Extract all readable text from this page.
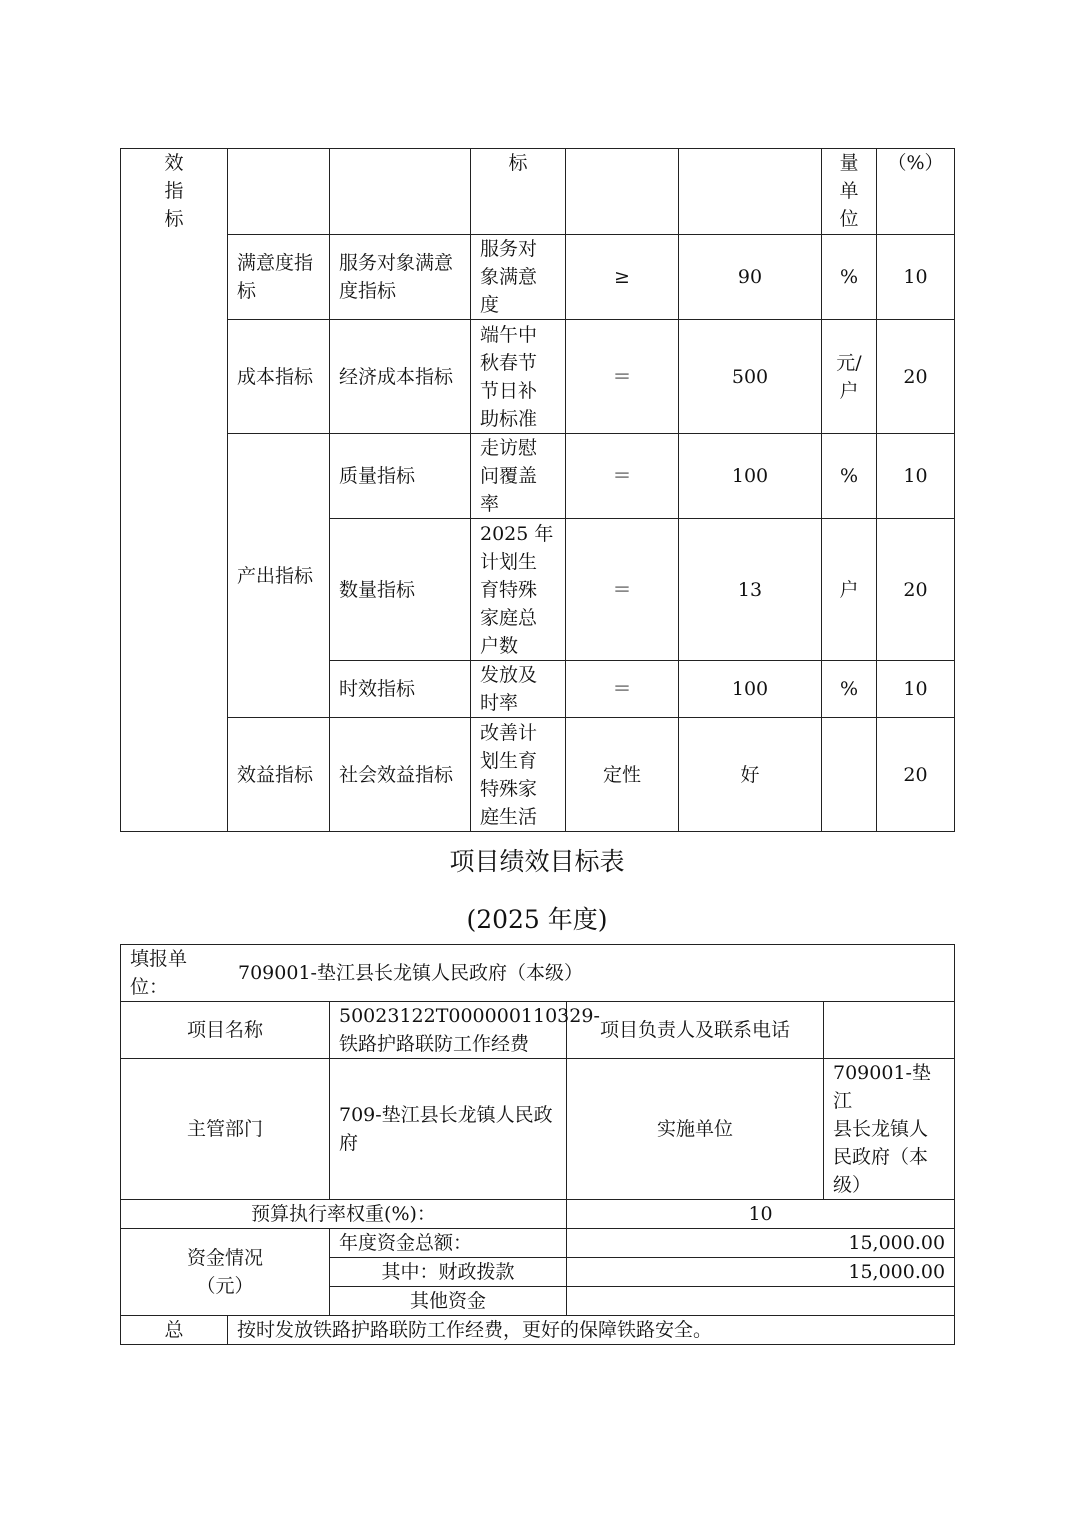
效
指
标			标			量
单
位	（%）
	满意度指标	服务对象满意度指标	服务对
象满意
度	≥	90	%	10
	成本指标	经济成本指标	端午中
秋春节
节日补
助标准	＝	500	元/
户	20
	产出指标	质量指标	走访慰
问覆盖
率	＝	100	%	10
		数量指标	2025 年
计划生
育特殊
家庭总
户数	＝	13	户	20
		时效指标	发放及
时率	＝	100	%	10
	效益指标	社会效益指标	改善计
划生育
特殊家
庭生活	定性	好		20
项目绩效目标表
(2025 年度)
填报单
位：
709001-垫江县长龙镇人民政府（本级）				

项目名称		50023122T000000110329-
铁路护路联防工作经费	项目负责人及联系电话	
主管部门		709-垫江县长龙镇人民政
府	实施单位	709001-垫江
县长龙镇人
民政府（本
级）
预算执行率权重(%)：			10	
资金情况
（元）		年度资金总额：	15,000.00	
		其中：财政拨款	15,000.00	
		其他资金		
总	按时发放铁路护路联防工作经费，更好的保障铁路安全。			
